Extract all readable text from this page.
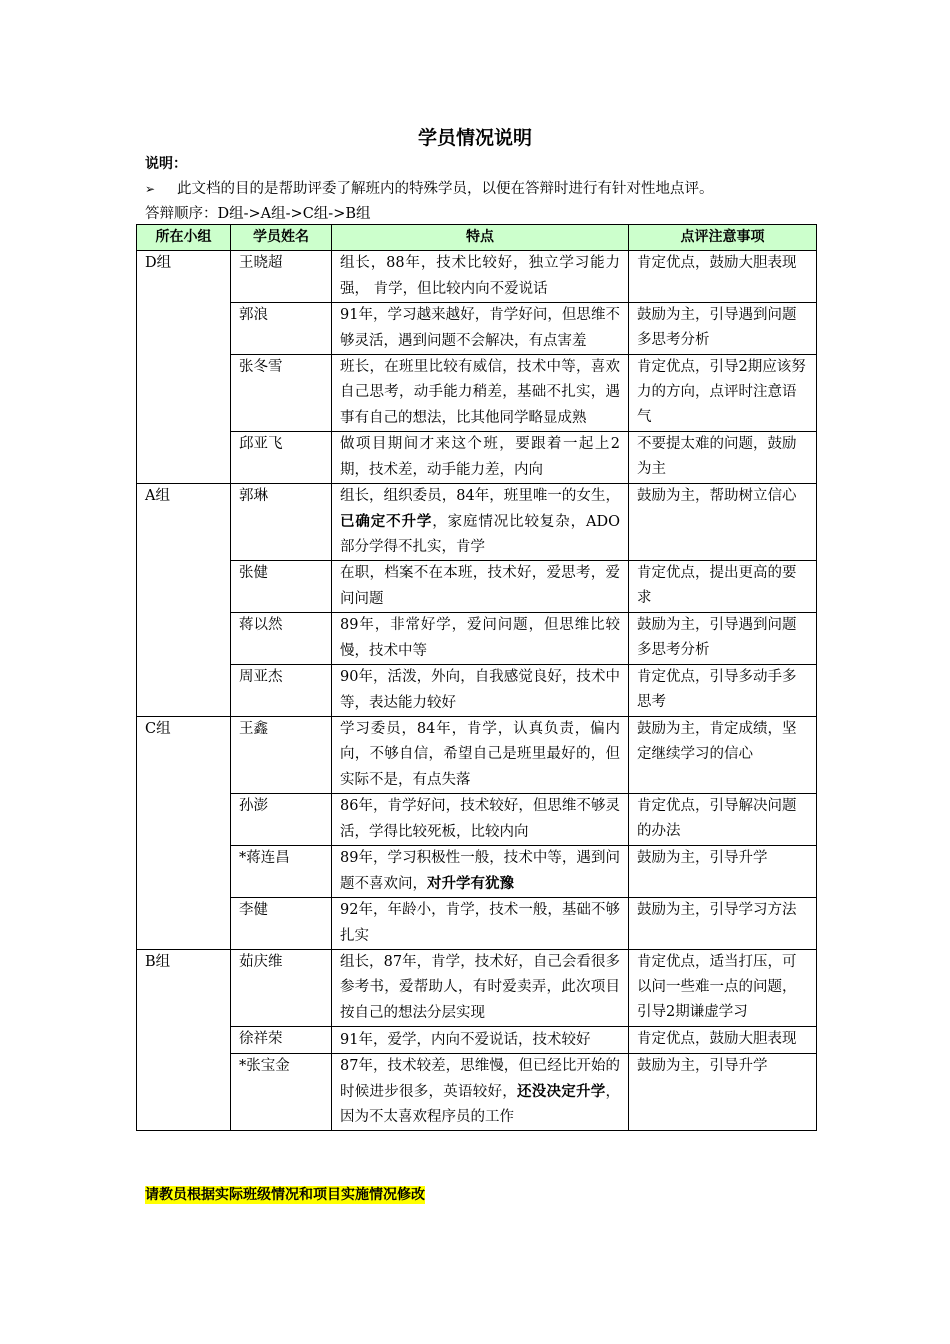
学员情况说明
说明：
➢ 此文档的目的是帮助评委了解班内的特殊学员，以便在答辩时进行有针对性地点评。
答辩顺序：D组->A组->C组->B组
所在小组	学员姓名	特点	点评注意事项
D组	王晓超	组长，88年，技术比较好，独立学习能力强， 肯学，但比较内向不爱说话	肯定优点，鼓励大胆表现
	郭浪	91年，学习越来越好，肯学好问，但思维不够灵活，遇到问题不会解决，有点害羞	鼓励为主，引导遇到问题多思考分析
	张冬雪	班长，在班里比较有威信，技术中等，喜欢自己思考，动手能力稍差，基础不扎实，遇事有自己的想法，比其他同学略显成熟	肯定优点，引导2期应该努力的方向，点评时注意语气
	邱亚飞	做项目期间才来这个班，要跟着一起上2期，技术差，动手能力差，内向	不要提太难的问题，鼓励为主
A组	郭琳	组长，组织委员，84年，班里唯一的女生，已确定不升学，家庭情况比较复杂，ADO部分学得不扎实，肯学	鼓励为主，帮助树立信心
	张健	在职，档案不在本班，技术好，爱思考，爱问问题	肯定优点，提出更高的要求
	蒋以然	89年，非常好学，爱问问题，但思维比较慢，技术中等	鼓励为主，引导遇到问题多思考分析
	周亚杰	90年，活泼，外向，自我感觉良好，技术中等，表达能力较好	肯定优点，引导多动手多思考
C组	王鑫	学习委员，84年，肯学，认真负责，偏内向，不够自信，希望自己是班里最好的，但实际不是，有点失落	鼓励为主，肯定成绩，坚定继续学习的信心
	孙澎	86年，肯学好问，技术较好，但思维不够灵活，学得比较死板，比较内向	肯定优点，引导解决问题的办法
	*蒋连昌	89年，学习积极性一般，技术中等，遇到问题不喜欢问，对升学有犹豫	鼓励为主，引导升学
	李健	92年，年龄小，肯学，技术一般，基础不够扎实	鼓励为主，引导学习方法
B组	茹庆维	组长，87年，肯学，技术好，自己会看很多参考书，爱帮助人，有时爱卖弄，此次项目按自己的想法分层实现	肯定优点，适当打压，可以问一些难一点的问题，引导2期谦虚学习
	徐祥荣	91年，爱学，内向不爱说话，技术较好	肯定优点，鼓励大胆表现
	*张宝金	87年，技术较差，思维慢，但已经比开始的时候进步很多，英语较好，还没决定升学，因为不太喜欢程序员的工作	鼓励为主，引导升学
请教员根据实际班级情况和项目实施情况修改
